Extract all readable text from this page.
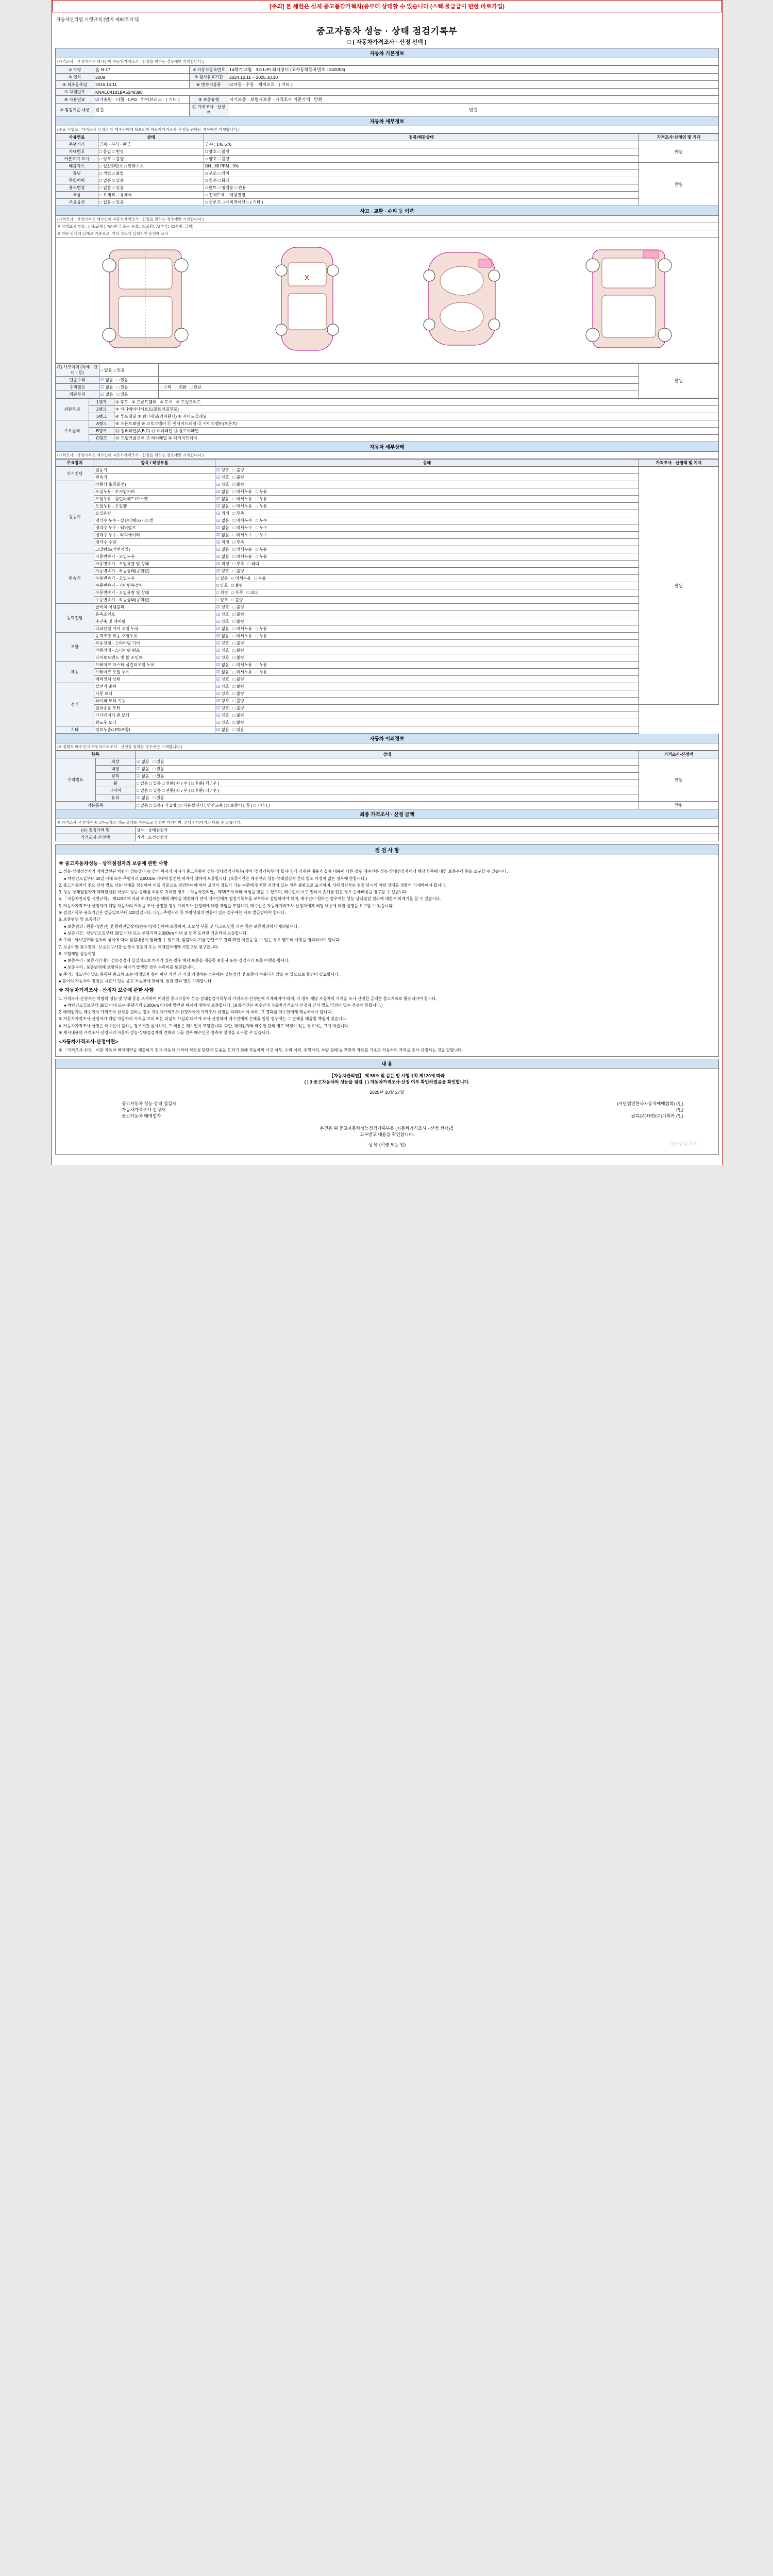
[주의] 본 체한은 실제 중고품감가혁차(중부터 상태할 수 있습니다 (스텍,물급급이 반한 마로가입)
자동차관리법 시행규칙 [별지 제82호서식]
중고자동차 성능 · 상태 점검기록부
□ ( 자동차가격조사 · 산정 선택 )
자동차 기본정보
(가격조사 · 산정가격은 제시인이 자동차가격조사 · 산정을 원하는 경우에만 기재합니다.)
① 차명	올 N-17	② 자동차등록번호	14학기12월 · 3,0 L/PI 최시장디 (고자등학등록면호 : 240053)
③ 연식	2008	④ 검사유효기간	2024.10.11 ~ 2025.10.10
⑤ 최초등록일	2016.10.11	⑥ 변속기종류	☑자동 · 수동 · 세미오토 · ( 기타 )
⑦ 차대번호	KNALC4181BA5248398		
⑧ 사용연료	☑가솔린 · 디젤 · LPG · 하이브리드 · ( 기타 )	⑨ 보증유형	자기보증 · 보험사보증 · 가격조사 기준가액 : 만원
⑩ 점검기준 내용	만원	⑪ 가격조사 · 산정액	만원
자동차 세부정보
(주요 작업표 : 가격조사·산정의 및 매수인에게 확보되어 자동차가격조사·산정을 원하는 경우에만 기재합니다.)
사용연료	상태	점복/체감상태	가격조사·산정인 및 기재
주행거리	금속 · 부식 · 판금	금속 : 146,576	만원
차대번호	□ 동일 □ 변경	□ 양호 □ 불량	
카본표기 표시	□ 양호 □ 불량	□ 양호 □ 불량	
배출가스	□ 일산화탄소 □ 탄화수소	DN , 88 PPM , 0%	만원
튜닝	□ 적법 □ 불법	□ 구조 □ 장치	
특별이력	□ 없음 □ 있음	□ 침수 □ 화재	
용도변경	□ 없음 □ 있음	□ 렌트 □ 영업용 □ 관용	
색상	□ 무채색 □ 유채색	□ 전체도색 □ 색상변경	
주요옵션	□ 없음 □ 있음	□ 선루프 □ 네비게이션 □ ( 기타 )	
사고 · 교환 · 수리 등 이력
(가격조사 · 산정가격은 매수인이 자동차가격조사 · 산정을 원하는 경우에만 기재합니다.)
※ 상태표시 부호 : ( 시/교체 ), 'W'(판금 또는 용접), X(교환), A(부식), C(찍힘, 긁힘)
※ 하단 양식에 실제로 기준으로, 기타 정도에 실제적인 운영에 표시
X
(1) 사고이력 (차체 · 팬더 · 등)	□ 없음 □ 있음		만원
단순수리	☑ 없음   □ 있음		
수리필요	☑ 없음   □ 있음	□ 수리   □ 교환   □ 판금	
외판부위	☑ 없음   □ 있음		
외판부위	1랭크	① 후드 ② 프론트휀더 ③ 도어 ④ 트렁크리드
	2랭크	⑤ 라디에이터서포트(볼트체결부품)
	3랭크	⑥ 루프패널 ⑦ 쿼터패널(리어휀더) ⑧ 사이드실패널
주요골격	A랭크	⑨ 프론트패널 ⑩ 크로스멤버 ⑪ 인사이드패널 ⑫ 사이드멤버(프론트)
	B랭크	⑬ 필러패널(A,B,C) ⑭ 대쉬패널 ⑮ 플로어패널
	C랭크	⑯ 트렁크플로어 ⑰ 리어패널 ⑱ 패키지트레이
자동차 세부상태
(가격조사 · 산정가격은 매수인이 자동차가격조사 · 산정을 원하는 경우에만 기재합니다.)
주요장치	항목 / 해당부품	상태	가격조사 · 산정액 및 기재
자기진단	원동기	☑ 양호   □ 불량	만원
	변속기	☑ 양호   □ 불량	
원동기	작동상태(공회전)	☑ 양호   □ 불량	
	오일누유 - 로커암커버	☑ 없음   □ 미세누유   □ 누유	
	오일누유 - 실린더헤드/가스켓	☑ 없음   □ 미세누유   □ 누유	
	오일누유 - 오일팬	☑ 없음   □ 미세누유   □ 누유	
	오일유량	☑ 적정   □ 부족	
	냉각수 누수 - 실린더헤드/가스켓	☑ 없음   □ 미세누수   □ 누수	
	냉각수 누수 - 워터펌프	☑ 없음   □ 미세누수   □ 누수	
	냉각수 누수 - 라디에이터	☑ 없음   □ 미세누수   □ 누수	
	냉각수 수량	☑ 적정   □ 부족	
	고압펌프(커먼레일)	☑ 없음   □ 미세누유   □ 누유	
변속기	자동변속기 - 오일누유	☑ 없음   □ 미세누유   □ 누유	
	자동변속기 - 오일유량 및 상태	☑ 적정   □ 부족   □ 과다	
	자동변속기 - 작동상태(공회전)	☑ 양호   □ 불량	
	수동변속기 - 오일누유	□ 없음   □ 미세누유   □ 누유	
	수동변속기 - 기어변속장치	□ 양호   □ 불량	
	수동변속기 - 오일유량 및 상태	□ 적정   □ 부족   □ 과다	
	수동변속기 - 작동상태(공회전)	□ 양호   □ 불량	
동력전달	클러치 어셈블리	☑ 양호   □ 불량	
	등속조인트	☑ 양호   □ 불량	
	추진축 및 베어링	☑ 양호   □ 불량	
	디퍼렌셜 기어 오일 누유	☑ 없음   □ 미세누유   □ 누유	
조향	동력조향 작동 오일누유	☑ 없음   □ 미세누유   □ 누유	
	작동상태 - 스티어링 기어	☑ 양호   □ 불량	
	작동상태 - 스티어링 펌프	☑ 양호   □ 불량	
	타이로드엔드 및 볼 조인트	☑ 양호   □ 불량	
제동	브레이크 마스터 실린더오일 누유	☑ 없음   □ 미세누유   □ 누유	
	브레이크 오일 누유	☑ 없음   □ 미세누유   □ 누유	
	배력장치 상태	☑ 양호   □ 불량	
전기	발전기 출력	☑ 양호   □ 불량	
	시동 모터	☑ 양호   □ 불량	
	와이퍼 모터 기능	☑ 양호   □ 불량	
	실내송풍 모터	☑ 양호   □ 불량	
	라디에이터 팬 모터	☑ 양호   □ 불량	
	윈도우 모터	☑ 양호   □ 불량	
기타	연료누출(LPG포함)	☑ 없음   □ 있음	
자동차 이외정보
(※ 정확도 매수인이 자동차가격조사 · 산정을 원하는 경우에만 기재합니다.)
항목		상태	가격조사·산정액
수리필요	외장	☑ 없음   □ 있음	만원
	내장	☑ 없음   □ 있음	
	광택	☑ 없음   □ 있음	
	휠	□ 없음 □ 있음 □ 전륜( 좌 / 우 ) □ 후륜( 좌 / 우 )	
	타이어	□ 없음 □ 있음 □ 전륜( 좌 / 우 ) □ 후륜( 좌 / 우 )	
	유리	☑ 없음   □ 있음	
기본품목		□ 없음 □ 있음 ( 키 2개 ) □ 사용설명서 ( 안전교육 ) □ 보증서 ( 취 ) □ 기타 ( )	만원
최종 가격조사 · 산정 금액
※ 가격조사·산정액은 중고자동차의 성능·상태를 기준으로 산정한 가격이며, 실제 거래가격과 다를 수 있습니다.
(①) 점검가액 및	상세 : 상태점검가
가격조사·산정액	가격 : 소견검점가
점 검 사 항
※ 중고자동차성능 · 상태점검자의 보증에 관한 사항
1. 성능·상태점검자가 매매알선된 차량의 성능상·기능 상의 하자가 아니라 중고자동차 성능·상태점검기록부(이하 "점검기록부"라 합니다)에 기재된 내용과 실제 내용이 다른 경우 매수인은 성능·상태점검자에게 해당 항목에 대한 보증수리 등을 요구할 수 있습니다.
● 차량인도일부터 30일 이내 또는 주행거리 2,000km 이내에 발견된 하자에 대하여 보증합니다. (보증기간은 매수인과 성능·상태점검자 간의 별도 약정이 없는 경우에 한합니다.)
2. 중고자동차의 주요 장치 별로 성능·상태를 점검하여 이를 기준으로 점검하여야 하며 고장의 정도가 기능 수행에 현저한 지장이 있는 경우 불량으로 표시하며, 상태점검자는 점검 당시의 차량 상태를 정확히 기재하여야 합니다.
3. 성능·상태점검자가 매매알선된 차량의 성능·상태를 허위로 기재한 경우 「자동차관리법」제58조에 따라 처벌을 받을 수 있으며, 매수인이 이로 인하여 손해를 입은 경우 손해배상을 청구할 수 있습니다.
4. 「자동차관리법 시행규칙」 제120조에 따라 매매업자는 매매 계약을 체결하기 전에 매수인에게 점검기록부를 교부하고 설명하여야 하며, 매수인이 원하는 경우에는 성능·상태점검 결과에 대한 이의제기를 할 수 있습니다.
5. 자동차가격조사·산정자가 해당 자동차의 가격을 조사·산정한 경우 가격조사·산정액에 대한 책임을 부담하며, 매수인은 자동차가격조사·산정자에게 해당 내용에 대한 설명을 요구할 수 있습니다.
※ 점검기록부 유효기간은 발급일로부터 120일입니다. 다만, 주행거리 등 차량상태의 변동이 있는 경우에는 새로 발급받아야 합니다.
6. 보증범위 및 보증기간
● 보증범위 : 원동기(엔진) 및 동력전달장치(변속기)에 한하여 보증하며, 소모성 부품 및 사고로 인한 파손 등은 보증범위에서 제외됩니다.
● 보증기간 : 차량인도일부터 30일 이내 또는 주행거리 2,000km 이내 중 먼저 도래한 기준까지 보증합니다.
※ 주의 : 제시번호와 실차의 상이에 따라 점검내용이 달라질 수 있으며, 점검자의 기술 판단으로 관리 확인 체결을 할 수 없는 경우 별도의 사항을 협의하여야 합니다.
7. 보증이행 청구절차 : 보증요구사항 발생시 점검자 또는 매매업자에게 서면으로 청구합니다.
8. 보험계열 성능이행
● 보증수리 · 보증기간내의 성능점검에 실질적으로 하자가 있는 경우 해당 보증을 제공한 보험사 또는 점검자가 보증 이행을 합니다.
● 보증수리 : 보증범위에 포함되는 하자가 발생한 경우 수리비를 보증합니다.
※ 주의 : 매도인이 말소 등록된 중고차 또는 매매업자 등이 아닌 개인 간 직접 거래하는 경우에는 성능점검 및 보증이 적용되지 않을 수 있으므로 확인이 필요합니다.
● 불이익 자동차의 점검은 시효가 있는 중고 자동차에 한하며, 점검 결과 별도 기재합니다.
※ 자동차가격조사 · 산정자 보증에 관한 사항
1. 가격조사·산정자는 차량의 성능 및 상태 등을 조사하여 이러한 중고자동차 성능·상태점검기록부의 가격조사·산정란에 기재하여야 하며, 이 경우 해당 자동차의 가격을 조사·산정한 금액은 참고자료로 활용되어야 합니다.
● 차량인도일로부터 30일 이내 또는 주행거리 2,000km 이내에 발견된 하자에 대하여 보증합니다. (보증기간은 매수인과 자동차가격조사·산정자 간의 별도 약정이 없는 경우에 한합니다.)
2. 매매업자는 매수인이 가격조사·산정을 원하는 경우 자동차가격조사·산정자에게 가격조사·산정을 의뢰하여야 하며, 그 결과를 매수인에게 제공하여야 합니다.
3. 자동차가격조사·산정자가 해당 자동차의 가격을 고의 또는 과실로 사실과 다르게 조사·산정하여 매수인에게 손해를 입힌 경우에는 그 손해를 배상할 책임이 있습니다.
4. 자동차가격조사·산정은 매수인이 원하는 경우에만 실시하며, 그 비용은 매수인이 부담합니다. 다만, 매매업자와 매수인 간의 별도 약정이 있는 경우에는 그에 따릅니다.
※ 제시내용의 가격조사·산정자의 자동차 성능·상태점검자의 견해와 다를 경우 매수인은 양측에 설명을 요구할 수 있습니다.
<자동차가격조사·산정이란>
※ 「가격조사·산정」이란 자동차 매매계약을 체결하기 전에 자동차 가격의 적정성 판단에 도움을 드리기 위해 자동차의 사고 여부, 수리 이력, 주행거리, 차량 상태 등 객관적 자료를 기초로 자동차의 가격을 조사·산정하는 것을 말합니다.
내 용
【자동차관리법】 제 58조 및 같은 법 시행규칙 제120에 따라
( ) 3 중고자동차의 성능을 점검, ( ) 자동차가격조사·산정 여부 확인하였음을 확인합니다.
2025년 10월 27일
중고자동차 성능·상태 점검자
자동차가격조사·산정자
중고자동차 매매업자
(사단법인한국자동차매매협회) (인)
(인)
전북(주)대한(주)대리카 (인)
본건은 위 중고자동차성능점검기록부를 (자동차가격조사 · 산정 선택)을
교부받고 내용을 확인합니다.
성 명 (서명 또는 인)	성능점검 확인
